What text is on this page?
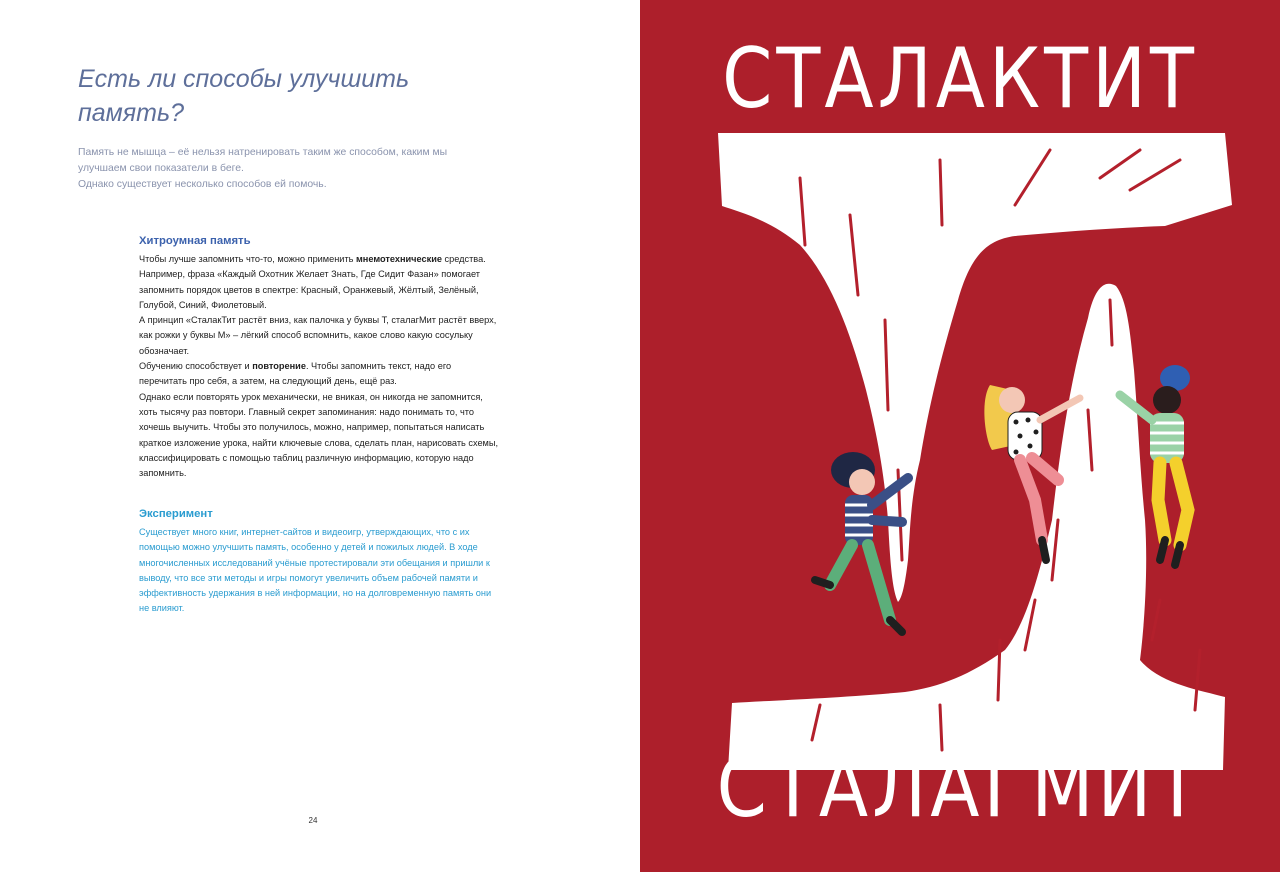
Есть ли способы улучшить память?

Память не мышца – её нельзя натренировать таким же способом, каким мы улучшаем свои показатели в беге.

Однако существует несколько способов ей помочь.

Хитроумная память

Чтобы лучше запомнить что-то, можно применить мнемотехнические средства.

Например, фраза «Каждый Охотник Желает Знать, Где Сидит Фазан» помогает запомнить порядок цветов в спектре: Красный, Оранжевый, Жёлтый, Зелёный, Голубой, Синий, Фиолетовый.

А принцип «СталакТит растёт вниз, как палочка у буквы Т, сталагМит растёт вверх, как рожки у буквы М» – лёгкий способ вспомнить, какое слово какую сосульку обозначает.

Обучению способствует и повторение. Чтобы запомнить текст, надо его перечитать про себя, а затем, на следующий день, ещё раз.

Однако если повторять урок механически, не вникая, он никогда не запомнится, хоть тысячу раз повтори. Главный секрет запоминания: надо понимать то, что хочешь выучить. Чтобы это получилось, можно, например, попытаться написать краткое изложение урока, найти ключевые слова, сделать план, нарисовать схемы, классифицировать с помощью таблиц различную информацию, которую надо запомнить.

Эксперимент

Существует много книг, интернет-сайтов и видеоигр, утверждающих, что с их помощью можно улучшить память, особенно у детей и пожилых людей. В ходе многочисленных исследований учёные протестировали эти обещания и пришли к выводу, что все эти методы и игры помогут увеличить объем рабочей памяти и эффективность удержания в ней информации, но на долговременную память они не влияют.

24
СТАЛАКТИТ
СТАЛАГМИТ
